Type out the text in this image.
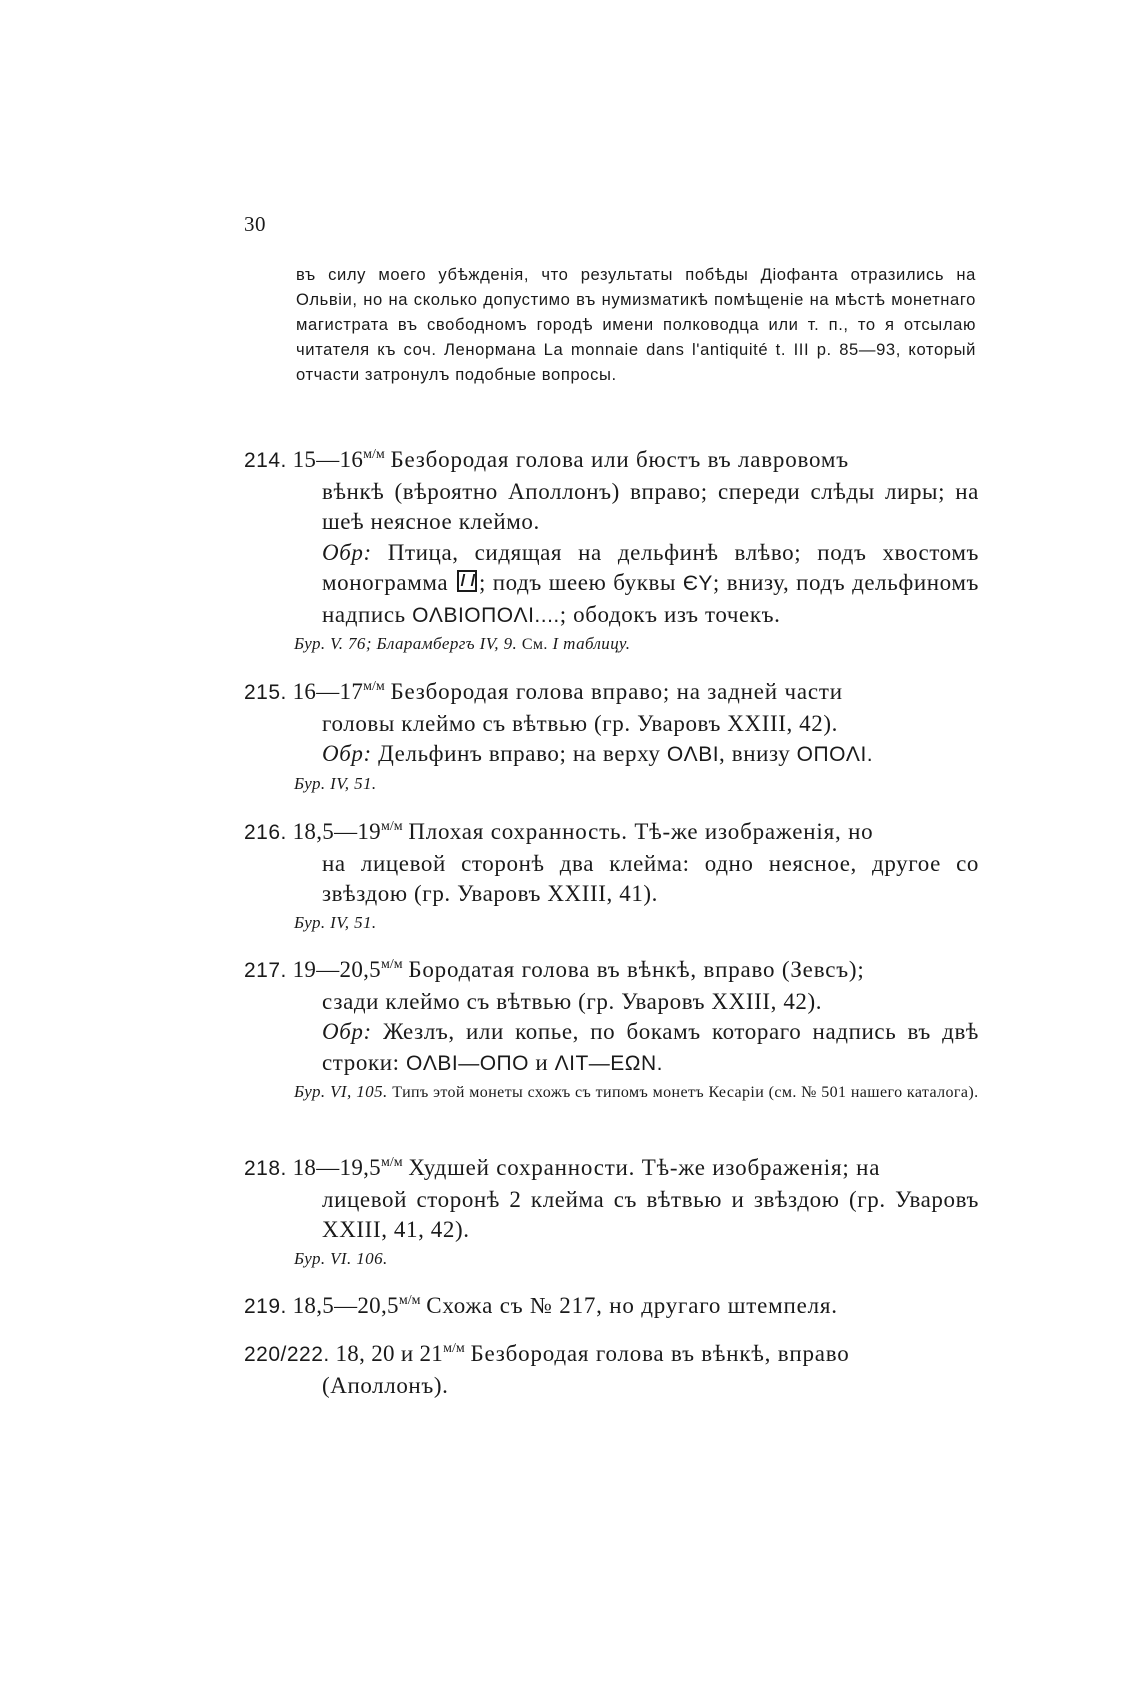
30
въ силу моего убѣжденія, что результаты побѣды Діофанта отразились на Ольвіи, но на сколько допустимо въ нумизматикѣ помѣщеніе на мѣстѣ монетнаго магистрата въ свободномъ городѣ имени полководца или т. п., то я отсылаю читателя къ соч. Ленормана La monnaie dans l'antiquité t. III p. 85—93, который отчасти затронулъ подобные вопросы.
214. $15—16^{м/м}$ Безбородая голова или бюстъ въ лавровомъ
вѣнкѣ (вѣроятно Аполлонъ) вправо; спереди слѣды лиры; на шеѣ неясное клеймо.
Обр: Птица, сидящая на дельфинѣ влѣво; подъ хвостомъ монограмма ; подъ шеею буквы ЄY; внизу, подъ дельфиномъ надпись ОΛВΙОПОΛΙ....; ободокъ изъ точекъ.
Бур. V. 76; Бларамбергъ IV, 9. См. I таблицу.
215. $16—17^{м/м}$ Безбородая голова вправо; на задней части
головы клеймо съ вѣтвью (гр. Уваровъ XXIII, 42).
Обр: Дельфинъ вправо; на верху ОΛВΙ, внизу ОПОΛΙ.
Бур. IV, 51.
216. $18,5—19^{м/м}$ Плохая сохранность. Тѣ-же изображенія, но
на лицевой сторонѣ два клейма: одно неясное, другое со звѣздою (гр. Уваровъ XXIII, 41).
Бур. IV, 51.
217. $19—20,5^{м/м}$ Бородатая голова въ вѣнкѣ, вправо (Зевсъ);
сзади клеймо съ вѣтвью (гр. Уваровъ XXIII, 42).
Обр: Жезлъ, или копье, по бокамъ котораго надпись въ двѣ строки: ОΛВΙ—ОПО и ΛΙΤ—ЕΩN.
Бур. VI, 105. Типъ этой монеты схожъ съ типомъ монетъ Кесаріи (см. № 501 нашего каталога).
218. $18—19,5^{м/м}$ Худшей сохранности. Тѣ-же изображенія; на
лицевой сторонѣ 2 клейма съ вѣтвью и звѣздою (гр. Уваровъ XXIII, 41, 42).
Бур. VI. 106.
219. $18,5—20,5^{м/м}$ Схожа съ № 217, но другаго штемпеля.
220/222. 18, 20 и $21^{м/м}$ Безбородая голова въ вѣнкѣ, вправо
(Аполлонъ).
